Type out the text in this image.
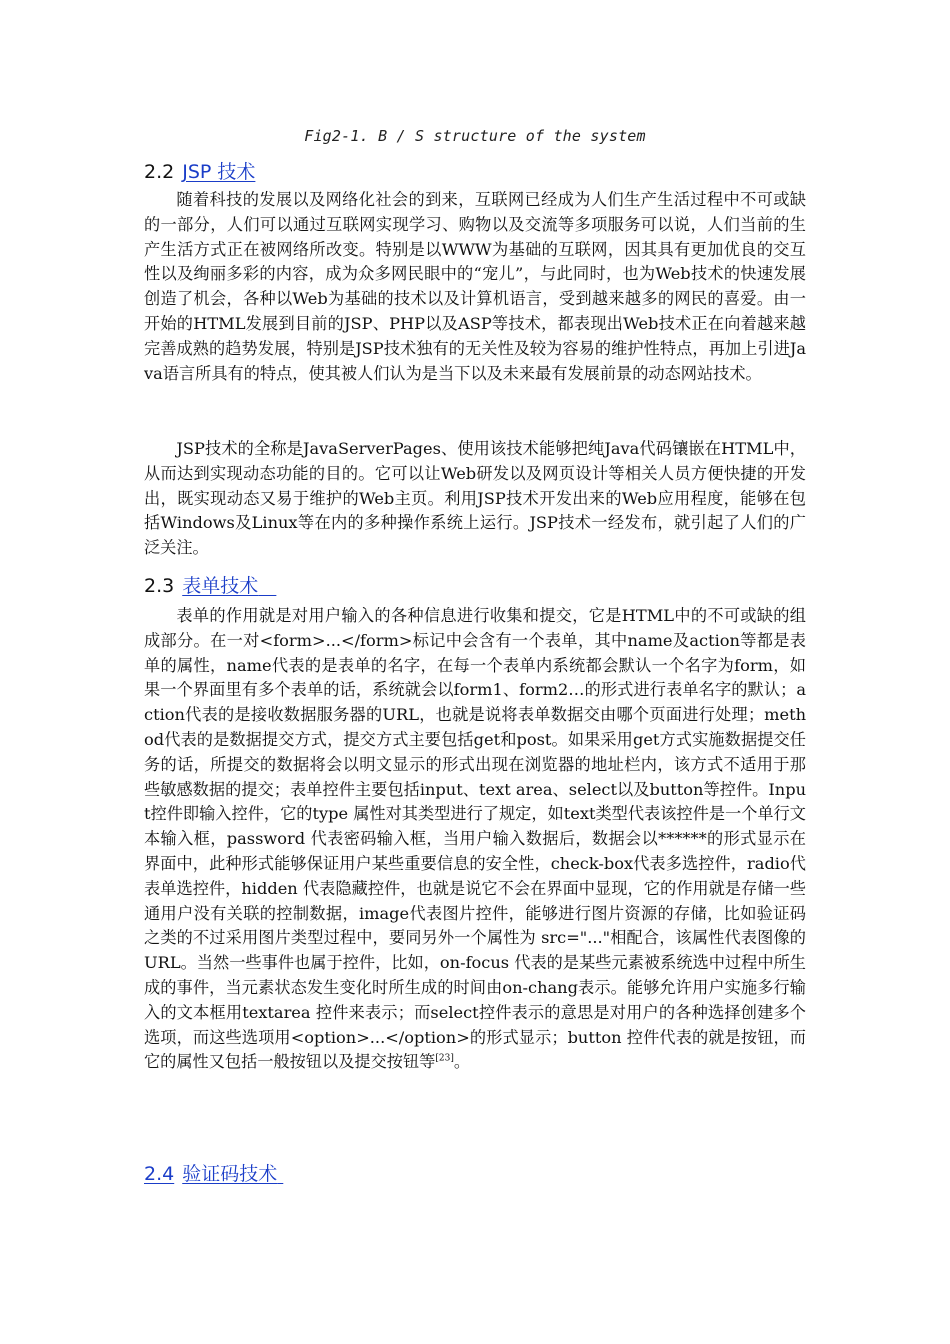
Fig2-1. B / S structure of the system
2.2 JSP 技术

随着科技的发展以及网络化社会的到来，互联网已经成为人们生产生活过程中不可或缺的一部分，人们可以通过互联网实现学习、购物以及交流等多项服务可以说，人们当前的生产生活方式正在被网络所改变。特别是以WWW为基础的互联网，因其具有更加优良的交互性以及绚丽多彩的内容，成为众多网民眼中的“宠儿”，与此同时，也为Web技术的快速发展创造了机会，各种以Web为基础的技术以及计算机语言，受到越来越多的网民的喜爱。由一开始的HTML发展到目前的JSP、PHP以及ASP等技术，都表现出Web技术正在向着越来越完善成熟的趋势发展，特别是JSP技术独有的无关性及较为容易的维护性特点，再加上引进Java语言所具有的特点，使其被人们认为是当下以及未来最有发展前景的动态网站技术。

JSP技术的全称是JavaServerPages、使用该技术能够把纯Java代码镶嵌在HTML中，从而达到实现动态功能的目的。它可以让Web研发以及网页设计等相关人员方便快捷的开发出，既实现动态又易于维护的Web主页。利用JSP技术开发出来的Web应用程度，能够在包括Windows及Linux等在内的多种操作系统上运行。JSP技术一经发布，就引起了人们的广泛关注。

2.3 表单技术

表单的作用就是对用户输入的各种信息进行收集和提交，它是HTML中的不可或缺的组成部分。在一对<form>...</form>标记中会含有一个表单，其中name及action等都是表单的属性，name代表的是表单的名字，在每一个表单内系统都会默认一个名字为form，如果一个界面里有多个表单的话，系统就会以form1、form2…的形式进行表单名字的默认；action代表的是接收数据服务器的URL，也就是说将表单数据交由哪个页面进行处理；method代表的是数据提交方式，提交方式主要包括get和post。如果采用get方式实施数据提交任务的话，所提交的数据将会以明文显示的形式出现在浏览器的地址栏内，该方式不适用于那些敏感数据的提交；表单控件主要包括input、text area、select以及button等控件。Input控件即输入控件，它的type 属性对其类型进行了规定，如text类型代表该控件是一个单行文本输入框，password 代表密码输入框，当用户输入数据后，数据会以******的形式显示在界面中，此种形式能够保证用户某些重要信息的安全性，check-box代表多选控件，radio代表单选控件，hidden 代表隐藏控件，也就是说它不会在界面中显现，它的作用就是存储一些通用户没有关联的控制数据，image代表图片控件，能够进行图片资源的存储，比如验证码之类的不过采用图片类型过程中，要同另外一个属性为 src="..."相配合，该属性代表图像的URL。当然一些事件也属于控件，比如，on-focus 代表的是某些元素被系统选中过程中所生成的事件，当元素状态发生变化时所生成的时间由on-chang表示。能够允许用户实施多行输入的文本框用textarea 控件来表示；而select控件表示的意思是对用户的各种选择创建多个选项，而这些选项用<option>...</option>的形式显示；button 控件代表的就是按钮，而它的属性又包括一般按钮以及提交按钮等[23]。

2.4 验证码技术
